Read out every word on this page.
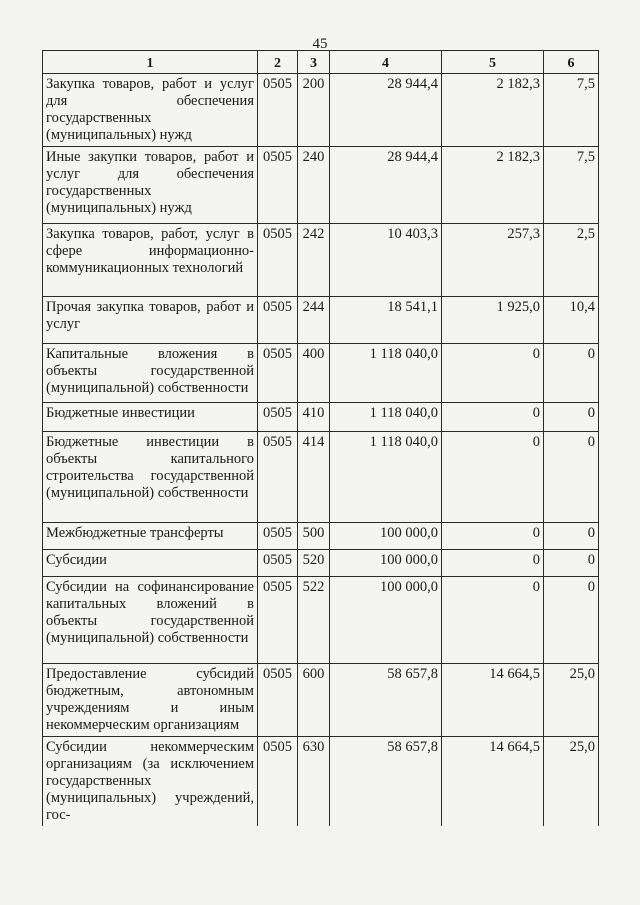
45
1	2	3	4	5	6
Закупка товаров, работ и услуг для обеспечения государственных (муниципальных) нужд	0505	200	28 944,4	2 182,3	7,5
Иные закупки товаров, работ и услуг для обеспечения государственных (муниципальных) нужд	0505	240	28 944,4	2 182,3	7,5
Закупка товаров, работ, услуг в сфере информационно-коммуникационных технологий	0505	242	10 403,3	257,3	2,5
Прочая закупка товаров, работ и услуг	0505	244	18 541,1	1 925,0	10,4
Капитальные вложения в объекты государственной (муниципальной) собственности	0505	400	1 118 040,0	0	0
Бюджетные инвестиции	0505	410	1 118 040,0	0	0
Бюджетные инвестиции в объекты капитального строительства государственной (муниципальной) собственности	0505	414	1 118 040,0	0	0
Межбюджетные трансферты	0505	500	100 000,0	0	0
Субсидии	0505	520	100 000,0	0	0
Субсидии на софинансирование капитальных вложений в объекты государственной (муниципальной) собственности	0505	522	100 000,0	0	0
Предоставление субсидий бюджетным, автономным учреждениям и иным некоммерческим организациям	0505	600	58 657,8	14 664,5	25,0
Субсидии некоммерческим организациям (за исключением государственных (муниципальных) учреждений, гос-	0505	630	58 657,8	14 664,5	25,0
